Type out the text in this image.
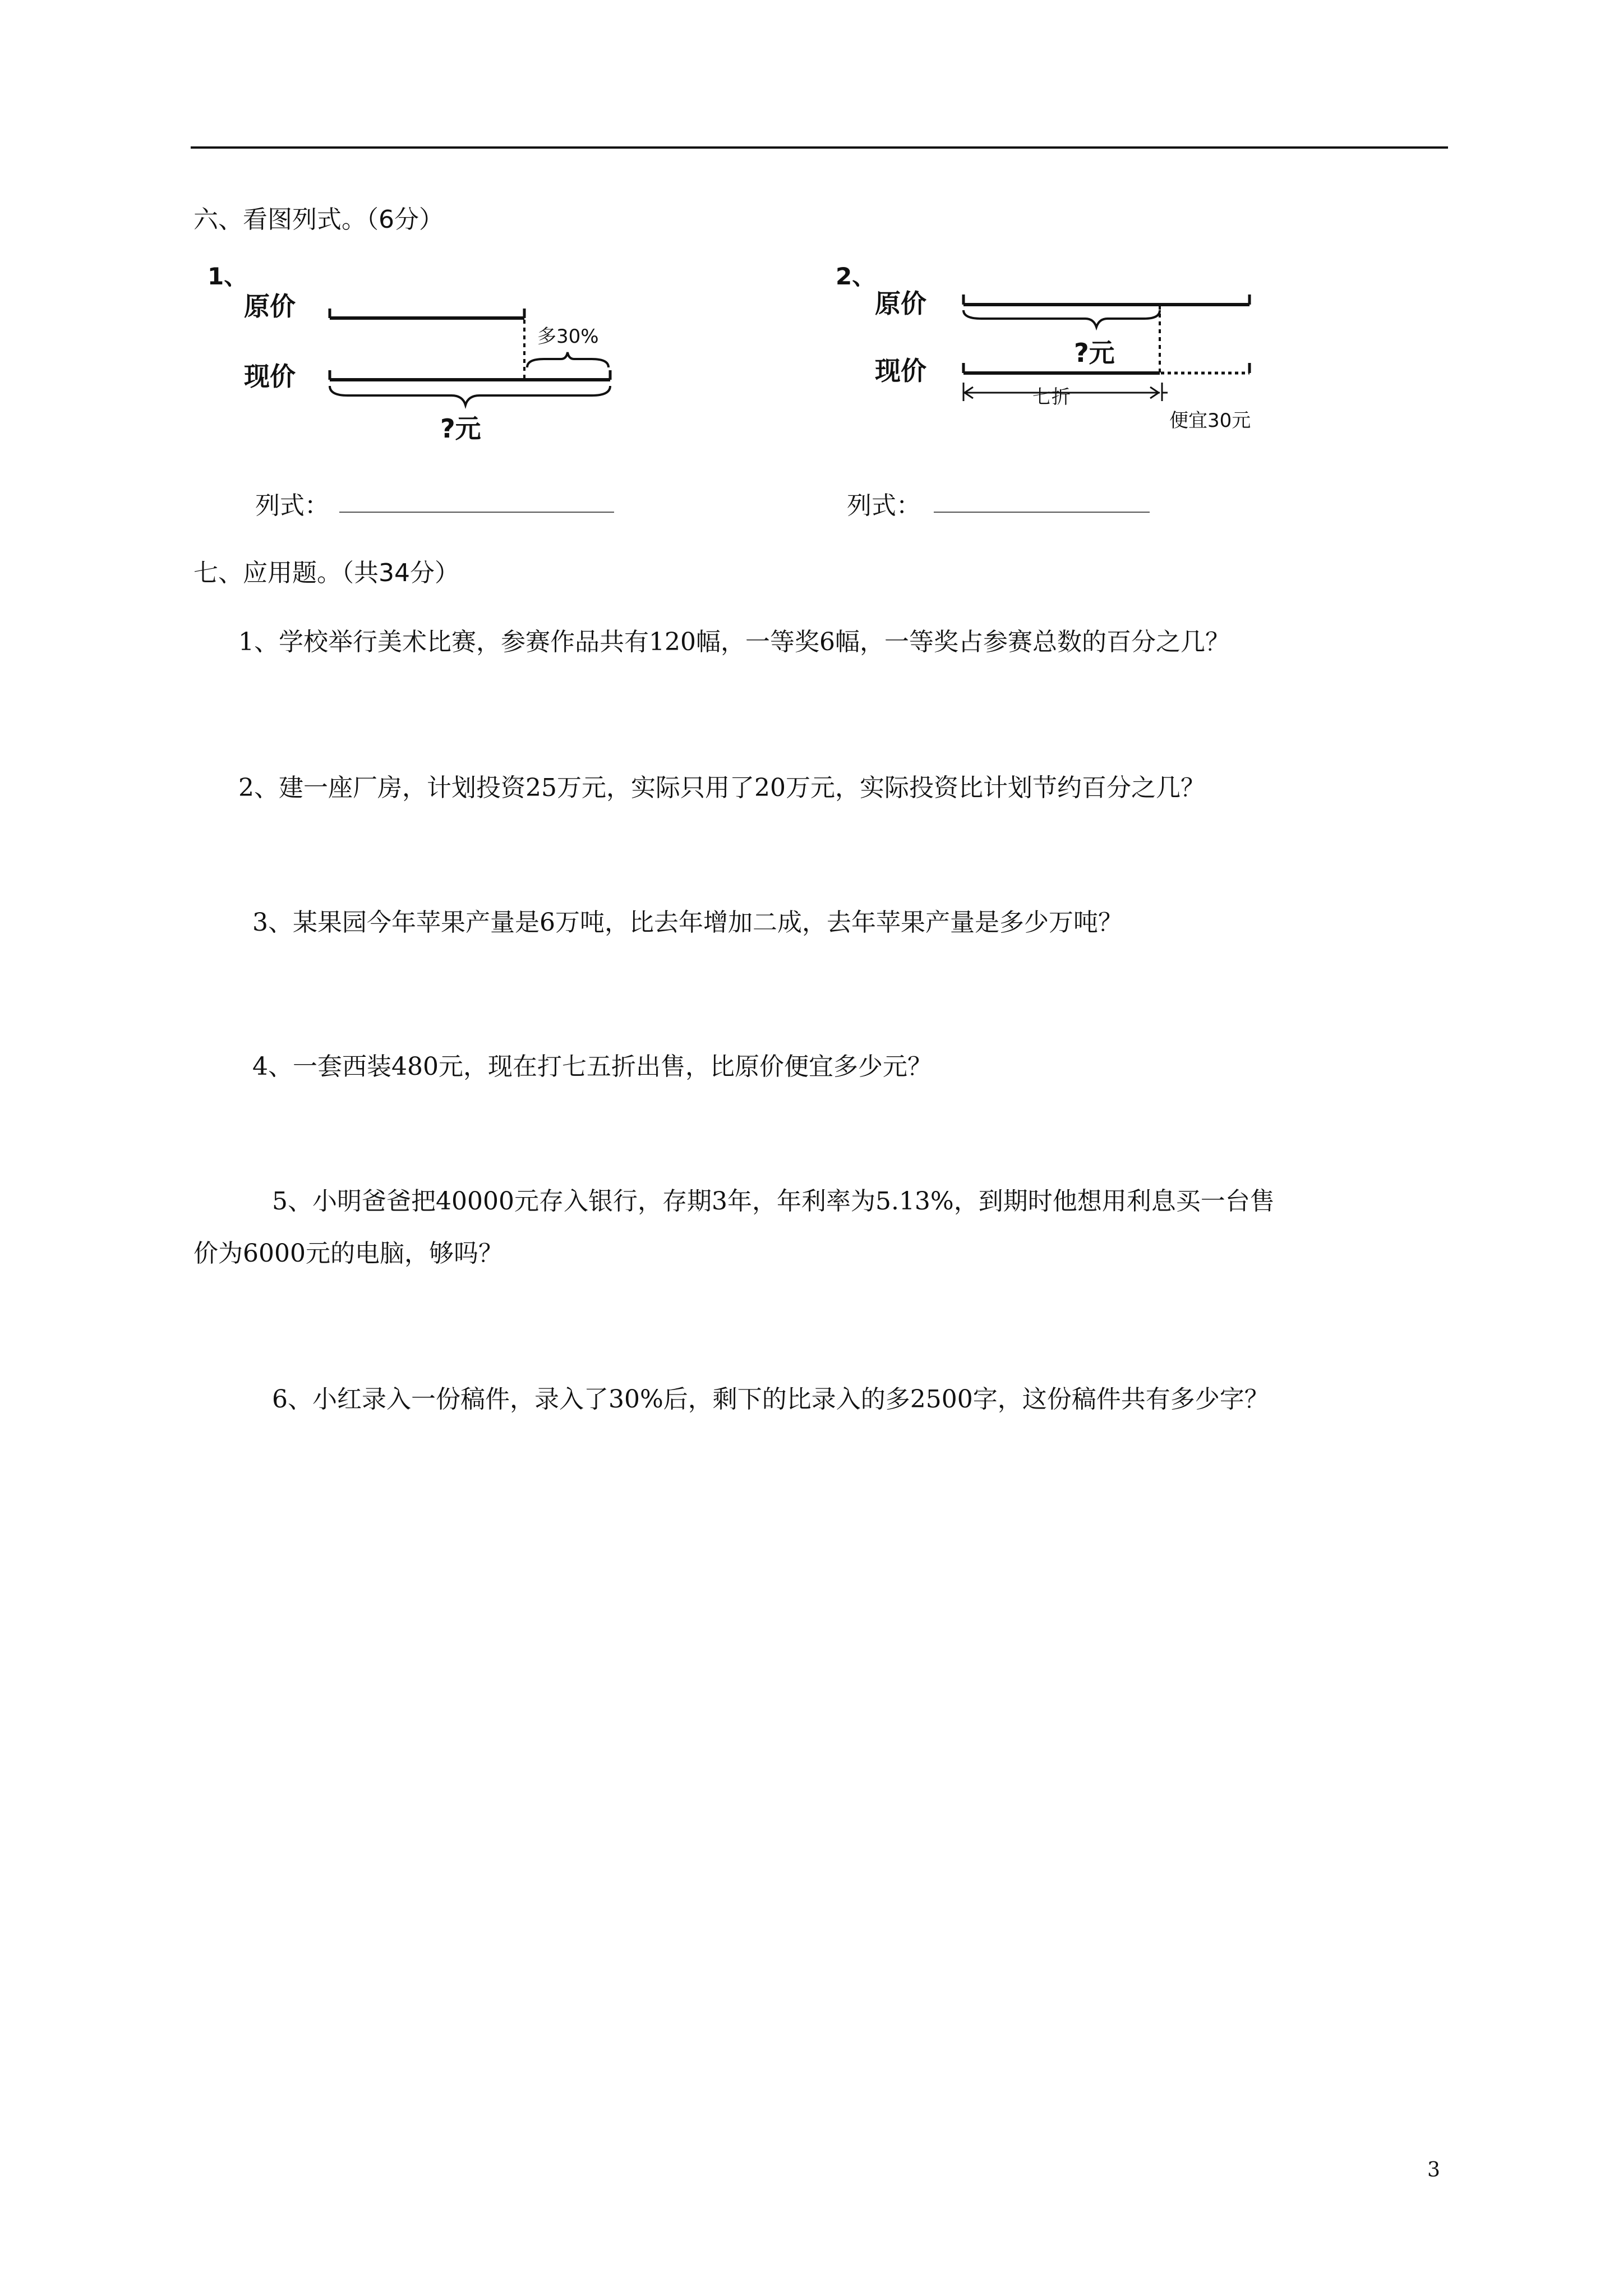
六、看图列式。（6分）
1、
原价
现价
多30%
?元
列式：
2、
原价
现价
?元
七折
便宜30元
列式：
七、应用题。（共34分）
1、学校举行美术比赛，参赛作品共有120幅，一等奖6幅，一等奖占参赛总数的百分之几？
2、建一座厂房，计划投资25万元，实际只用了20万元，实际投资比计划节约百分之几？
3、某果园今年苹果产量是6万吨，比去年增加二成，去年苹果产量是多少万吨？
4、一套西装480元，现在打七五折出售，比原价便宜多少元？
5、小明爸爸把40000元存入银行，存期3年，年利率为5.13%，到期时他想用利息买一台售
价为6000元的电脑，够吗？
6、小红录入一份稿件，录入了30%后，剩下的比录入的多2500字，这份稿件共有多少字？
3
